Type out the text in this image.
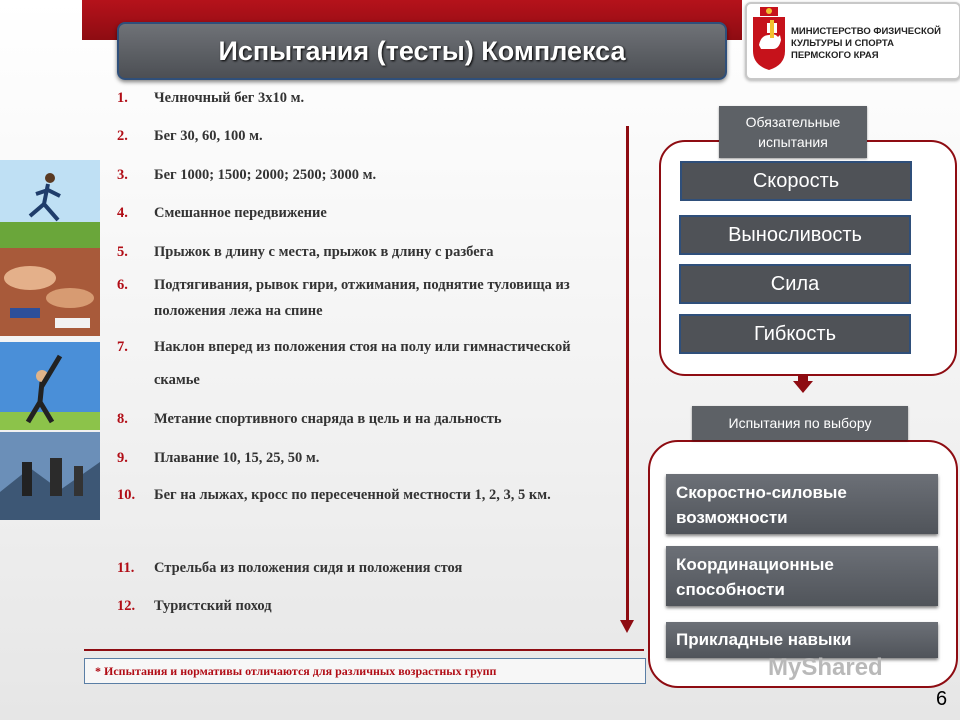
Испытания (тесты) Комплекса
МИНИСТЕРСТВО ФИЗИЧЕСКОЙ
КУЛЬТУРЫ И СПОРТА
ПЕРМСКОГО КРАЯ
1. Челночный бег 3х10 м.
2. Бег 30, 60, 100 м.
3. Бег 1000; 1500; 2000; 2500; 3000 м.
4. Смешанное передвижение
5. Прыжок в длину с места, прыжок в длину с разбега
6. Подтягивания, рывок гири, отжимания, поднятие туловища из положения лежа на спине
7. Наклон вперед из положения стоя на полу или гимнастической скамье
8. Метание спортивного снаряда в цель и на дальность
9. Плавание 10, 15, 25, 50 м.
10. Бег на лыжах, кросс по пересеченной местности 1, 2, 3, 5 км.
11. Стрельба из положения сидя и положения стоя
12. Туристский поход
* Испытания и нормативы отличаются для различных возрастных групп
Обязательные испытания
Скорость
Выносливость
Сила
Гибкость
Испытания по выбору
Скоростно-силовые возможности
Координационные способности
Прикладные навыки
MyShared
6
